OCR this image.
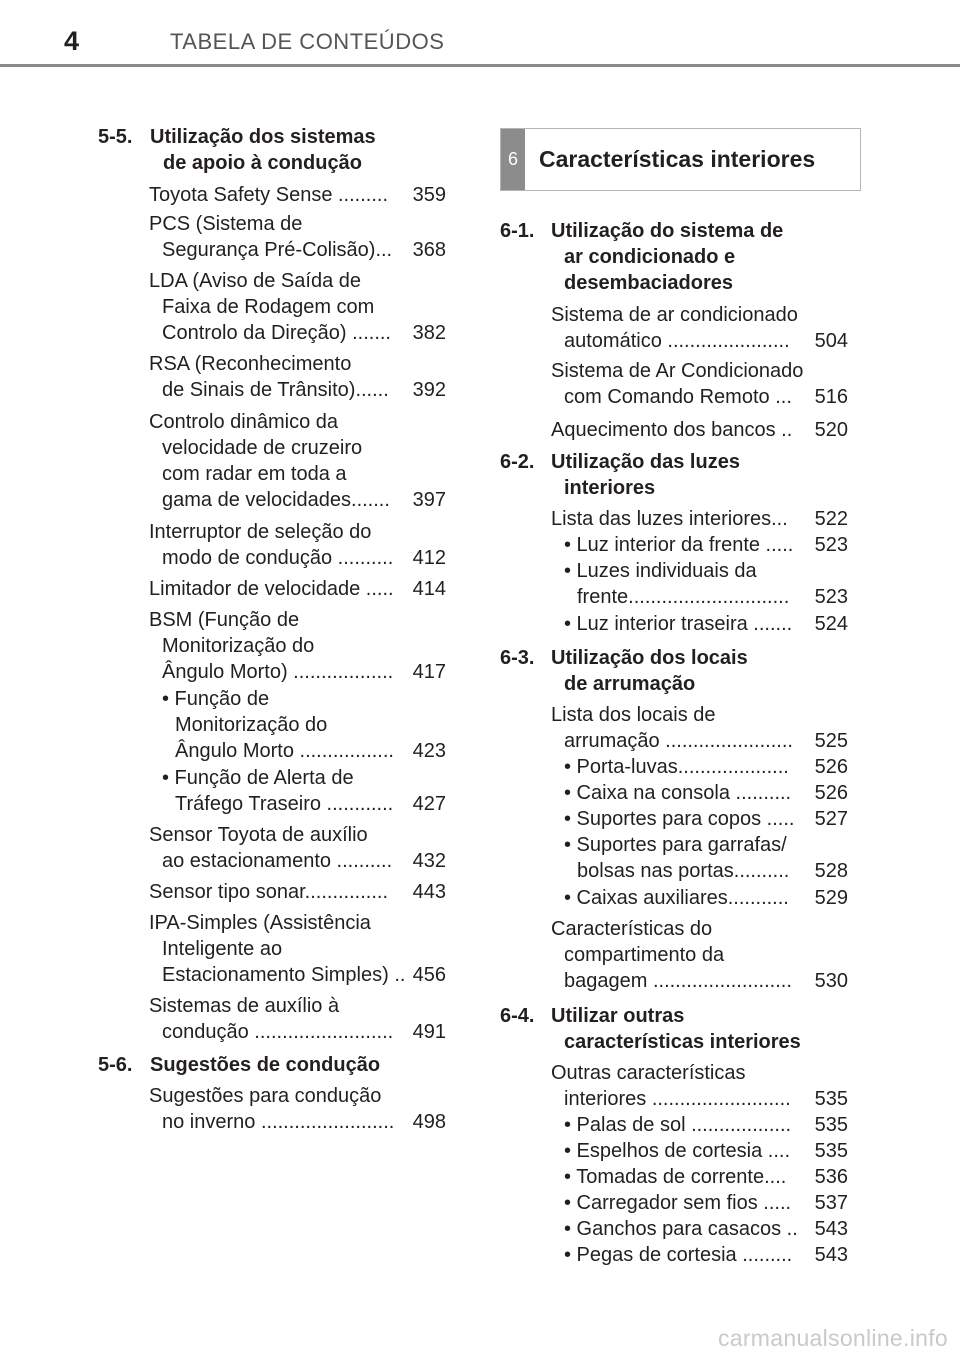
4	TABELA DE CONTEÚDOS
5-5. Utilização dos sistemas
de apoio à condução
Toyota Safety Sense .........	359
PCS (Sistema de
Segurança Pré-Colisão)...	368
LDA (Aviso de Saída de
Faixa de Rodagem com
Controlo da Direção) .......	382
RSA (Reconhecimento
de Sinais de Trânsito)......	392
Controlo dinâmico da
velocidade de cruzeiro
com radar em toda a
gama de velocidades.......	397
Interruptor de seleção do
modo de condução .......... 412
Limitador de velocidade ..... 414
BSM (Função de
Monitorização do
Ângulo Morto) .................. 417
• Função de
Monitorização do
Ângulo Morto ................. 423
• Função de Alerta de
Tráfego Traseiro ............ 427
Sensor Toyota de auxílio
ao estacionamento ..........	432
Sensor tipo sonar...............	443
IPA-Simples (Assistência
Inteligente ao
Estacionamento Simples) .. 456
Sistemas de auxílio à
condução ......................... 491
5-6. Sugestões de condução
Sugestões para condução
no inverno ........................ 498
6 Características interiores
6-1. Utilização do sistema de
ar condicionado e
desembaciadores
Sistema de ar condicionado
automático ......................	504
Sistema de Ar Condicionado
com Comando Remoto ...	516
Aquecimento dos bancos ..	520
6-2. Utilização das luzes
interiores
Lista das luzes interiores...	522
• Luz interior da frente .....	523
• Luzes individuais da
frente.............................	523
• Luz interior traseira .......	524
6-3. Utilização dos locais
de arrumação
Lista dos locais de
arrumação .......................	525
• Porta-luvas....................	526
• Caixa na consola ..........	526
• Suportes para copos .....	527
• Suportes para garrafas/
bolsas nas portas..........	528
• Caixas auxiliares...........	529
Características do
compartimento da
bagagem .........................	530
6-4. Utilizar outras
características interiores
Outras características
interiores .........................	535
• Palas de sol ..................	535
• Espelhos de cortesia ....	535
• Tomadas de corrente....	536
• Carregador sem fios .....	537
• Ganchos para casacos .. 543
• Pegas de cortesia .........	543
carmanualsonline.info
